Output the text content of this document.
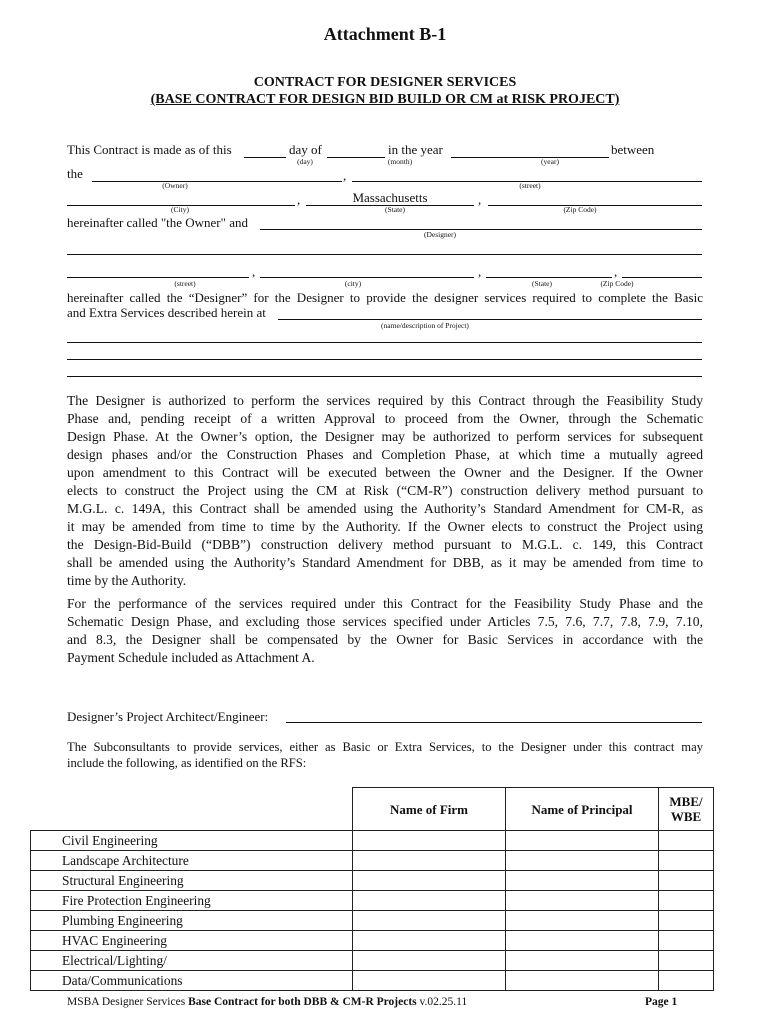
Attachment B-1
CONTRACT FOR DESIGNER SERVICES
(BASE CONTRACT FOR DESIGN BID BUILD OR CM at RISK PROJECT)
This Contract is made as of this	day of	in the year	between
(day)	(month)	(year)
the	,
(Owner)	(street)
,	Massachusetts	,
(City)	(State)	(Zip Code)
hereinafter called "the Owner" and
(Designer)
,	,	,
(street)	(city)	(State)	(Zip Code)
hereinafter called the “Designer” for the Designer to provide the designer services required to complete the Basic
and Extra Services described herein at
(name/description of Project)
The Designer is authorized to perform the services required by this Contract through the Feasibility Study
Phase and, pending receipt of a written Approval to proceed from the Owner, through the Schematic
Design Phase. At the Owner’s option, the Designer may be authorized to perform services for subsequent
design phases and/or the Construction Phases and Completion Phase, at which time a mutually agreed
upon amendment to this Contract will be executed between the Owner and the Designer. If the Owner
elects to construct the Project using the CM at Risk (“CM-R”) construction delivery method pursuant to
M.G.L. c. 149A, this Contract shall be amended using the Authority’s Standard Amendment for CM-R, as
it may be amended from time to time by the Authority. If the Owner elects to construct the Project using
the Design-Bid-Build (“DBB”) construction delivery method pursuant to M.G.L. c. 149, this Contract
shall be amended using the Authority’s Standard Amendment for DBB, as it may be amended from time to
time by the Authority.
For the performance of the services required under this Contract for the Feasibility Study Phase and the
Schematic Design Phase, and excluding those services specified under Articles 7.5, 7.6, 7.7, 7.8, 7.9, 7.10,
and 8.3, the Designer shall be compensated by the Owner for Basic Services in accordance with the
Payment Schedule included as Attachment A.
Designer’s Project Architect/Engineer:
The Subconsultants to provide services, either as Basic or Extra Services, to the Designer under this contract may
include the following, as identified on the RFS:
	Name of Firm	Name of Principal	MBE/
WBE
Civil Engineering			
Landscape Architecture			
Structural Engineering			
Fire Protection Engineering			
Plumbing Engineering			
HVAC Engineering			
Electrical/Lighting/			
Data/Communications			
MSBA Designer Services Base Contract for both DBB & CM-R Projects v.02.25.11	Page 1
